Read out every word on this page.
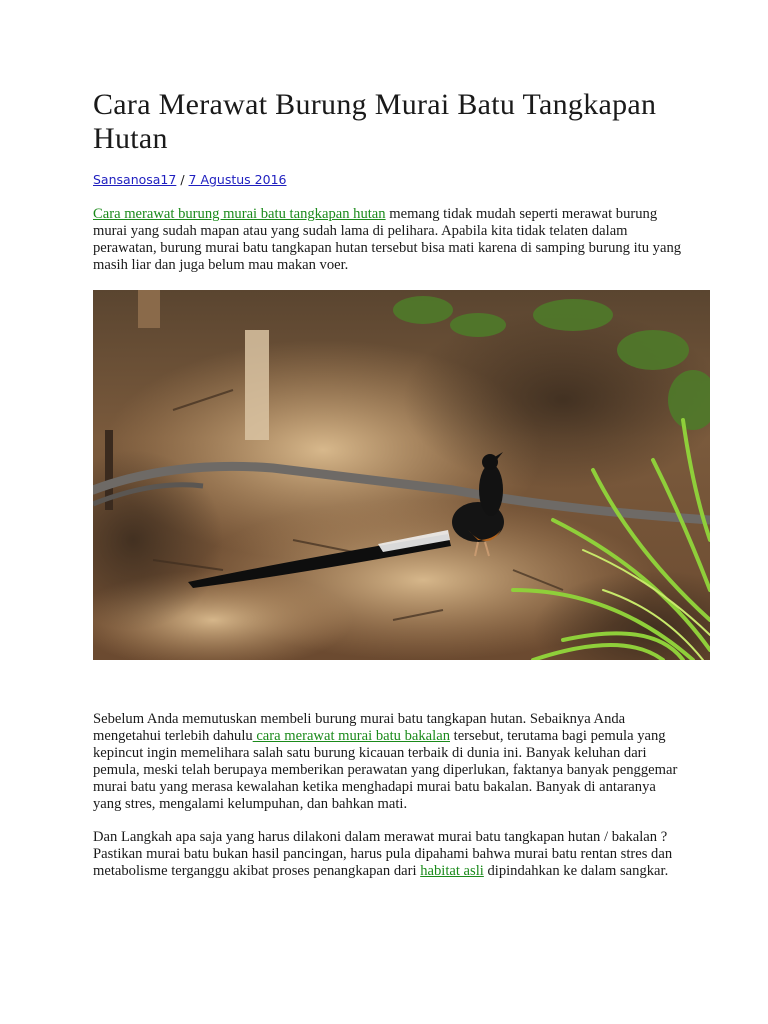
Cara Merawat Burung Murai Batu Tangkapan Hutan
Sansanosa17 / 7 Agustus 2016

Cara merawat burung murai batu tangkapan hutan memang tidak mudah seperti merawat burung murai yang sudah mapan atau yang sudah lama di pelihara. Apabila kita tidak telaten dalam perawatan, burung murai batu tangkapan hutan tersebut bisa mati karena di samping burung itu yang masih liar dan juga belum mau makan voer.

Sebelum Anda memutuskan membeli burung murai batu tangkapan hutan. Sebaiknya Anda mengetahui terlebih dahulu cara merawat murai batu bakalan tersebut, terutama bagi pemula yang kepincut ingin memelihara salah satu burung kicauan terbaik di dunia ini. Banyak keluhan dari pemula, meski telah berupaya memberikan perawatan yang diperlukan, faktanya banyak penggemar murai batu yang merasa kewalahan ketika menghadapi murai batu bakalan. Banyak di antaranya yang stres, mengalami kelumpuhan, dan bahkan mati.

Dan Langkah apa saja yang harus dilakoni dalam merawat murai batu tangkapan hutan / bakalan ? Pastikan murai batu bukan hasil pancingan, harus pula dipahami bahwa murai batu rentan stres dan metabolisme terganggu akibat proses penangkapan dari habitat asli dipindahkan ke dalam sangkar.
